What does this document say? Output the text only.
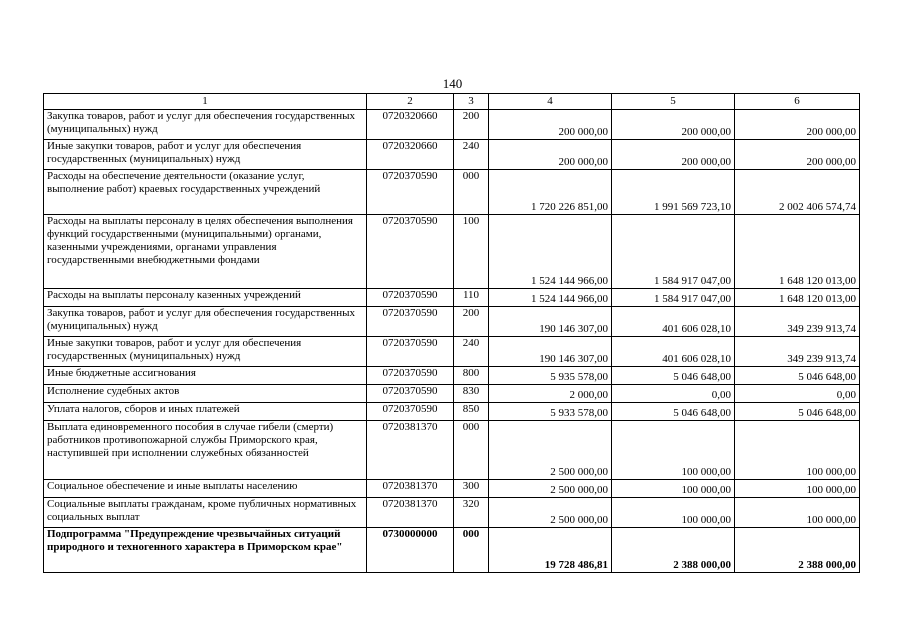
140
1	2	3	4	5	6
Закупка товаров, работ и услуг для обеспечения государственных (муниципальных) нужд	0720320660	200	200 000,00	200 000,00	200 000,00
Иные закупки товаров, работ и услуг для обеспечения государственных (муниципальных) нужд	0720320660	240	200 000,00	200 000,00	200 000,00
Расходы на обеспечение деятельности (оказание услуг, выполнение работ) краевых государственных учреждений	0720370590	000	1 720 226 851,00	1 991 569 723,10	2 002 406 574,74
Расходы на выплаты персоналу в целях обеспечения выполнения функций государственными (муниципальными) органами, казенными учреждениями, органами управления государственными внебюджетными фондами	0720370590	100	1 524 144 966,00	1 584 917 047,00	1 648 120 013,00
Расходы на выплаты персоналу казенных учреждений	0720370590	110	1 524 144 966,00	1 584 917 047,00	1 648 120 013,00
Закупка товаров, работ и услуг для обеспечения государственных (муниципальных) нужд	0720370590	200	190 146 307,00	401 606 028,10	349 239 913,74
Иные закупки товаров, работ и услуг для обеспечения государственных (муниципальных) нужд	0720370590	240	190 146 307,00	401 606 028,10	349 239 913,74
Иные бюджетные ассигнования	0720370590	800	5 935 578,00	5 046 648,00	5 046 648,00
Исполнение судебных актов	0720370590	830	2 000,00	0,00	0,00
Уплата налогов, сборов и иных платежей	0720370590	850	5 933 578,00	5 046 648,00	5 046 648,00
Выплата единовременного пособия в случае гибели (смерти) работников противопожарной службы Приморского края, наступившей при исполнении служебных обязанностей	0720381370	000	2 500 000,00	100 000,00	100 000,00
Социальное обеспечение и иные выплаты населению	0720381370	300	2 500 000,00	100 000,00	100 000,00
Социальные выплаты гражданам, кроме публичных нормативных социальных выплат	0720381370	320	2 500 000,00	100 000,00	100 000,00
Подпрограмма "Предупреждение чрезвычайных ситуаций природного и техногенного характера в Приморском крае"	0730000000	000	19 728 486,81	2 388 000,00	2 388 000,00
